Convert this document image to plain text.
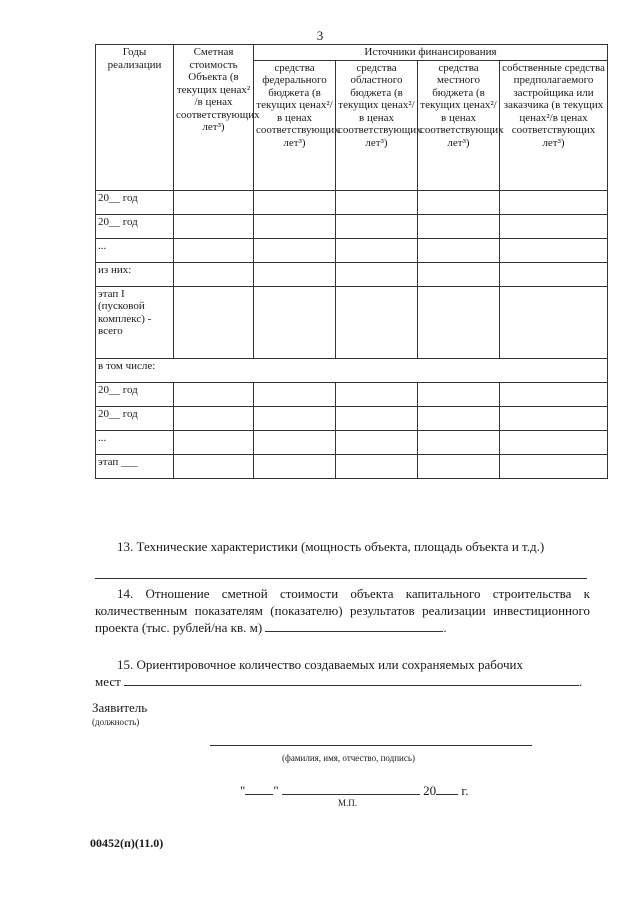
3
Годы реализации	Сметная стоимость Объекта (в текущих ценах² /в ценах соответствующих лет³)	Источники финансирования			
		средства федерального бюджета (в текущих ценах²/в ценах соответствующих лет³)	средства областного бюджета (в текущих ценах²/в ценах соответствующих лет³)	средства местного бюджета (в текущих ценах²/в ценах соответствующих лет³)	собственные средства предполагаемого застройщика или заказчика (в текущих ценах²/в ценах соответствующих лет³)
20__ год					
20__ год					
...					
из них:					
этап I (пусковой комплекс) - всего					
в том числе:					
20__ год					
20__ год					
...					
этап ___					
13. Технические характеристики (мощность объекта, площадь объекта и т.д.)
14. Отношение сметной стоимости объекта капитального строительства к количественным показателям (показателю) результатов реализации инвестиционного проекта (тыс. рублей/на кв. м)	.
15. Ориентировочное количество создаваемых или сохраняемых рабочих
мест	.
Заявитель
(должность)
(фамилия, имя, отчество, подпись)
" "	20 г.
М.П.
00452(п)(11.0)
